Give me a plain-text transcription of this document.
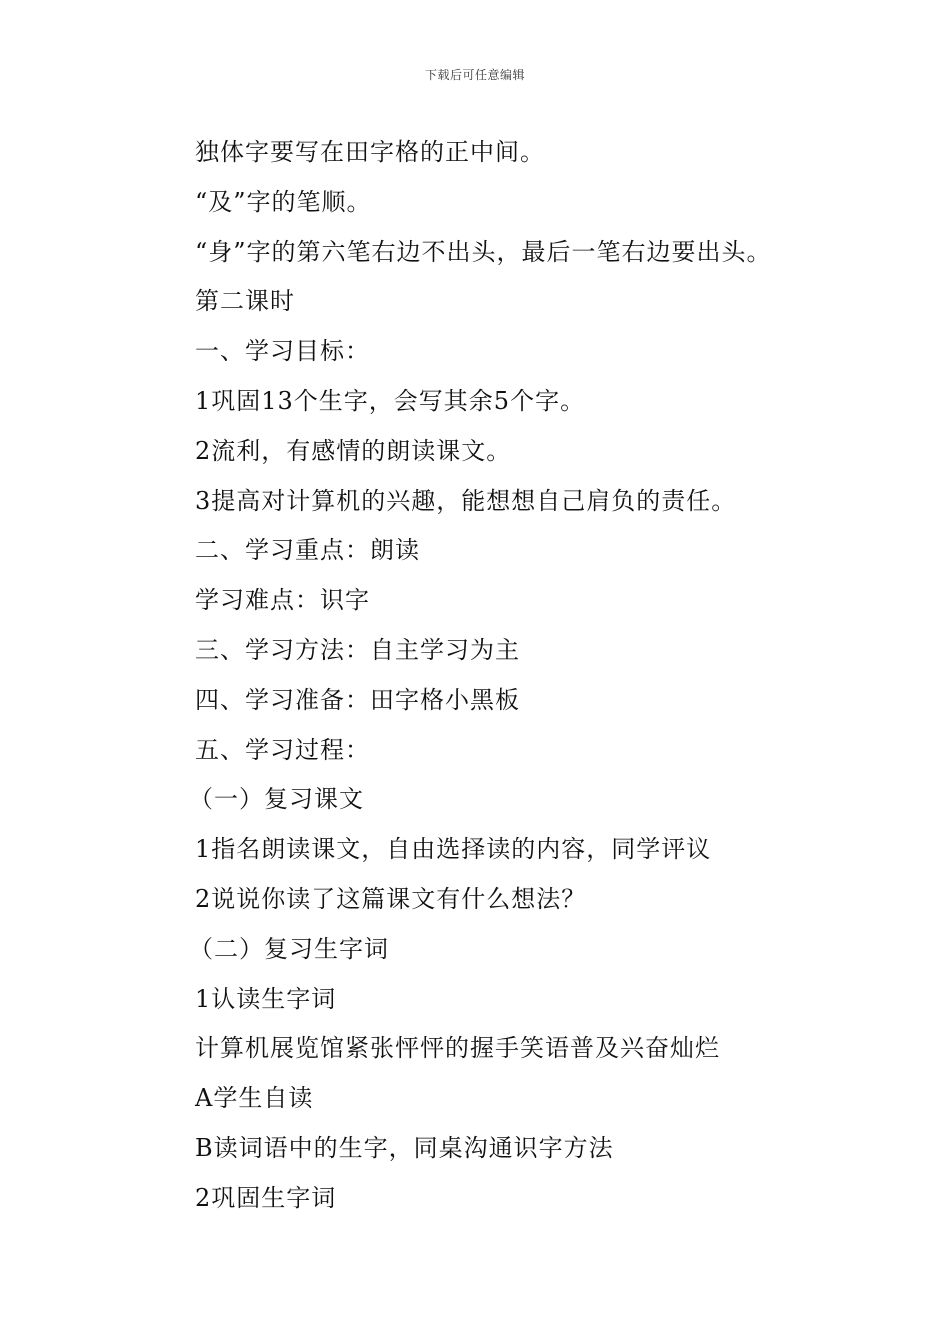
下载后可任意编辑
独体字要写在田字格的正中间。
“及”字的笔顺。
“身”字的第六笔右边不出头，最后一笔右边要出头。
第二课时
一、学习目标：
1巩固13个生字，会写其余5个字。
2流利，有感情的朗读课文。
3提高对计算机的兴趣，能想想自己肩负的责任。
二、学习重点：朗读
学习难点：识字
三、学习方法：自主学习为主
四、学习准备：田字格小黑板
五、学习过程：
（一）复习课文
1指名朗读课文，自由选择读的内容，同学评议
2说说你读了这篇课文有什么想法？
（二）复习生字词
1认读生字词
计算机展览馆紧张怦怦的握手笑语普及兴奋灿烂
A学生自读
B读词语中的生字，同桌沟通识字方法
2巩固生字词
